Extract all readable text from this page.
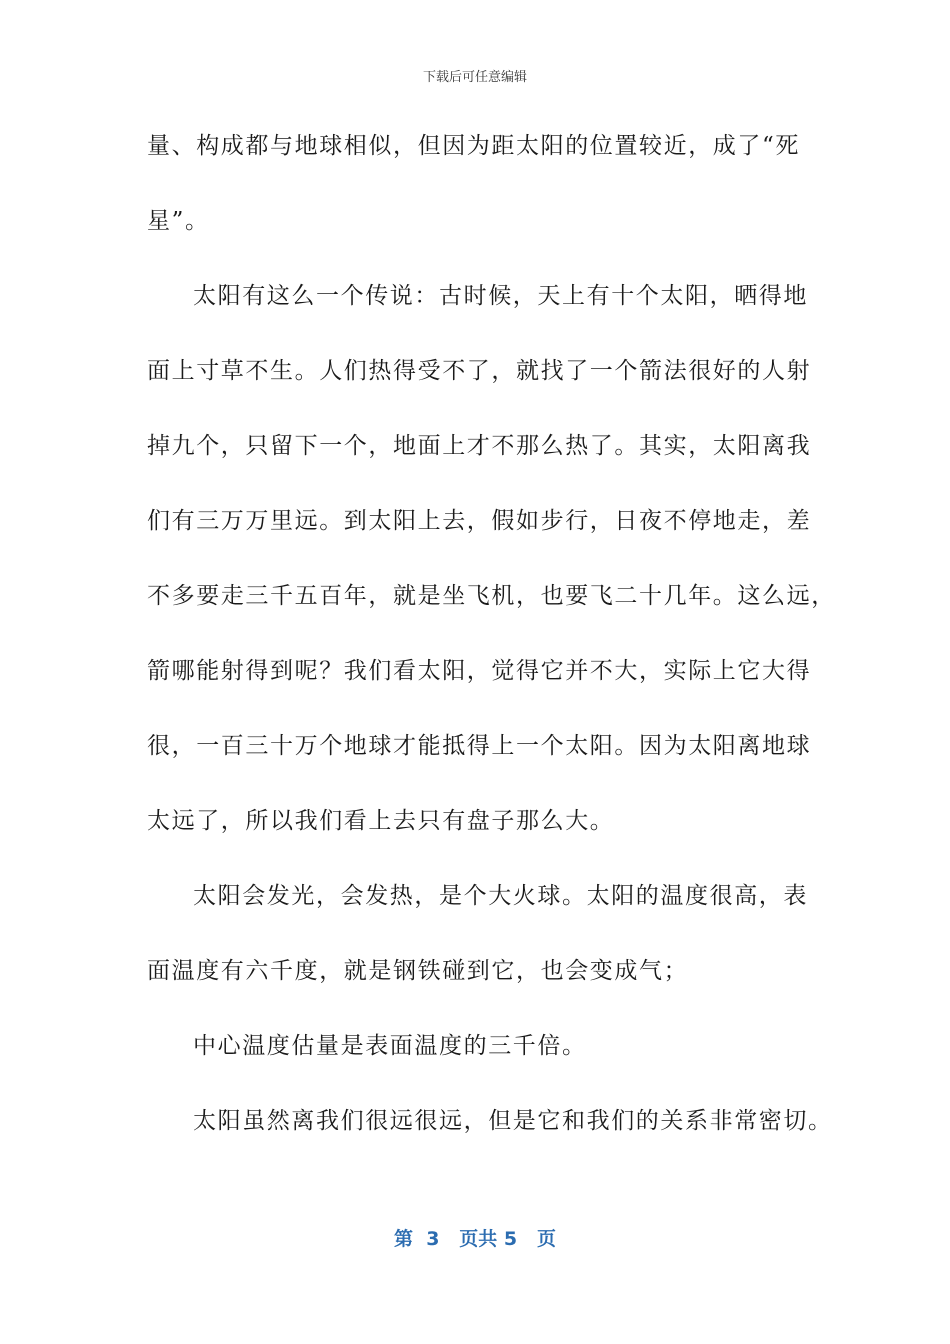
下载后可任意编辑

量、构成都与地球相似，但因为距太阳的位置较近，成了“死

星”。

太阳有这么一个传说：古时候，天上有十个太阳，晒得地

面上寸草不生。人们热得受不了，就找了一个箭法很好的人射

掉九个，只留下一个，地面上才不那么热了。其实，太阳离我

们有三万万里远。到太阳上去，假如步行，日夜不停地走，差

不多要走三千五百年，就是坐飞机，也要飞二十几年。这么远，

箭哪能射得到呢？我们看太阳，觉得它并不大，实际上它大得

很，一百三十万个地球才能抵得上一个太阳。因为太阳离地球

太远了，所以我们看上去只有盘子那么大。

太阳会发光，会发热，是个大火球。太阳的温度很高，表

面温度有六千度，就是钢铁碰到它，也会变成气；

中心温度估量是表面温度的三千倍。

太阳虽然离我们很远很远，但是它和我们的关系非常密切。

第  3   页共 5   页
